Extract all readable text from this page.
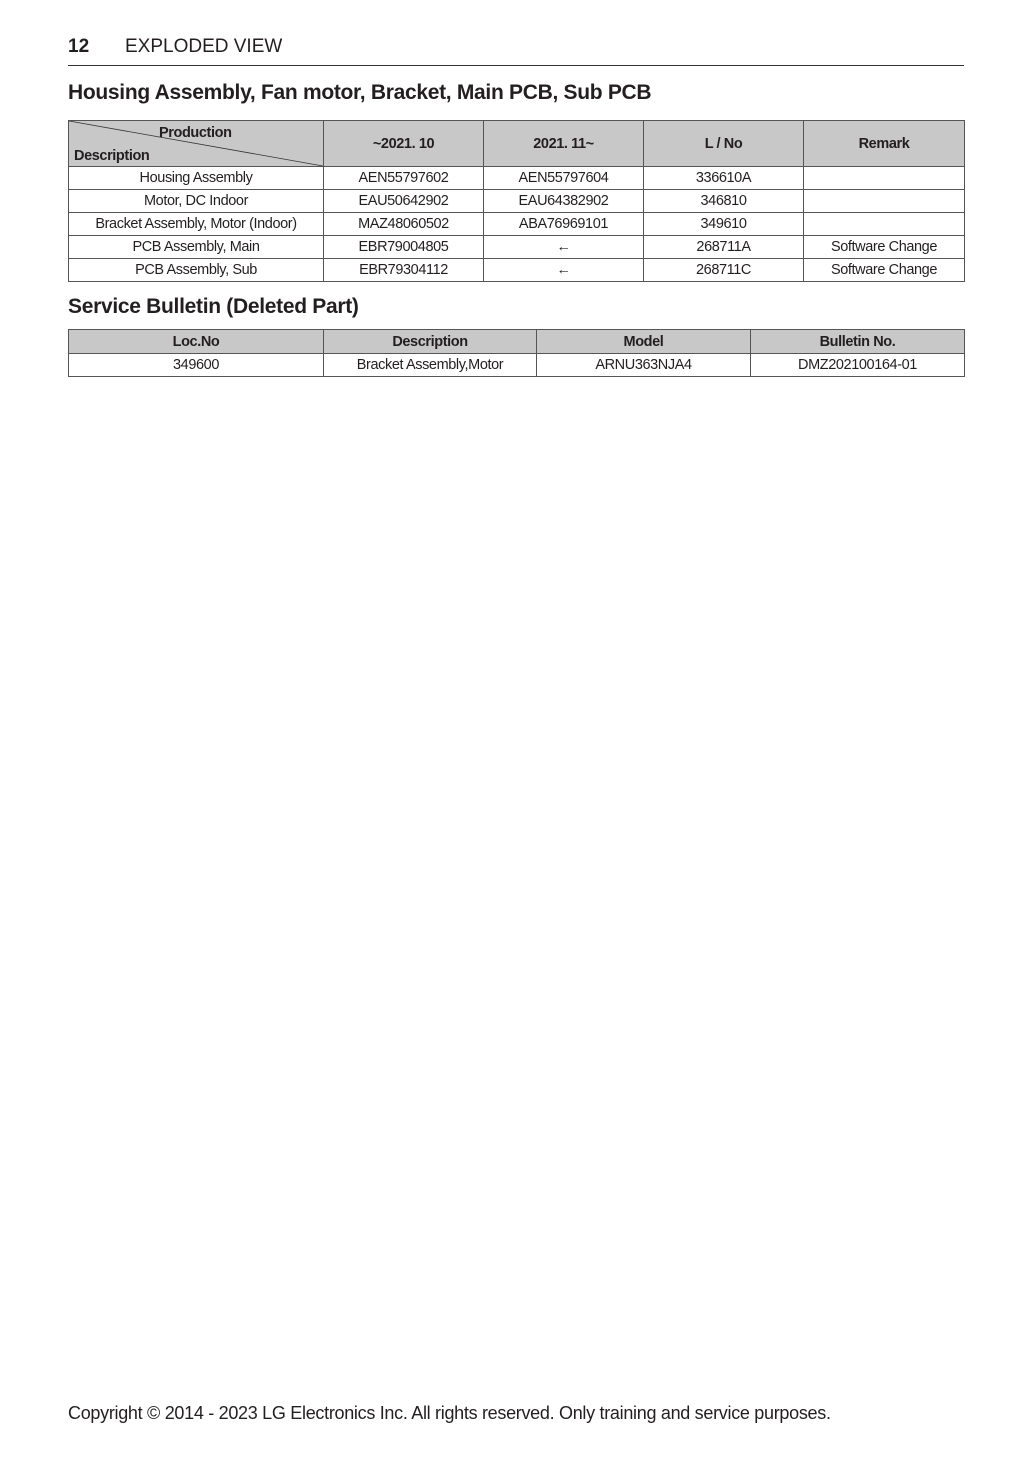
12 EXPLODED VIEW
Housing Assembly, Fan motor, Bracket, Main PCB, Sub PCB
Production
Description	~2021. 10	2021. 11~	L / No	Remark
Housing Assembly	AEN55797602	AEN55797604	336610A	
Motor, DC Indoor	EAU50642902	EAU64382902	346810	
Bracket Assembly, Motor (Indoor)	MAZ48060502	ABA76969101	349610	
PCB Assembly, Main	EBR79004805	←	268711A	Software Change
PCB Assembly, Sub	EBR79304112	←	268711C	Software Change
Service Bulletin (Deleted Part)
Loc.No	Description	Model	Bulletin No.
349600	Bracket Assembly,Motor	ARNU363NJA4	DMZ202100164-01
Copyright © 2014 - 2023 LG Electronics Inc. All rights reserved. Only training and service purposes.
